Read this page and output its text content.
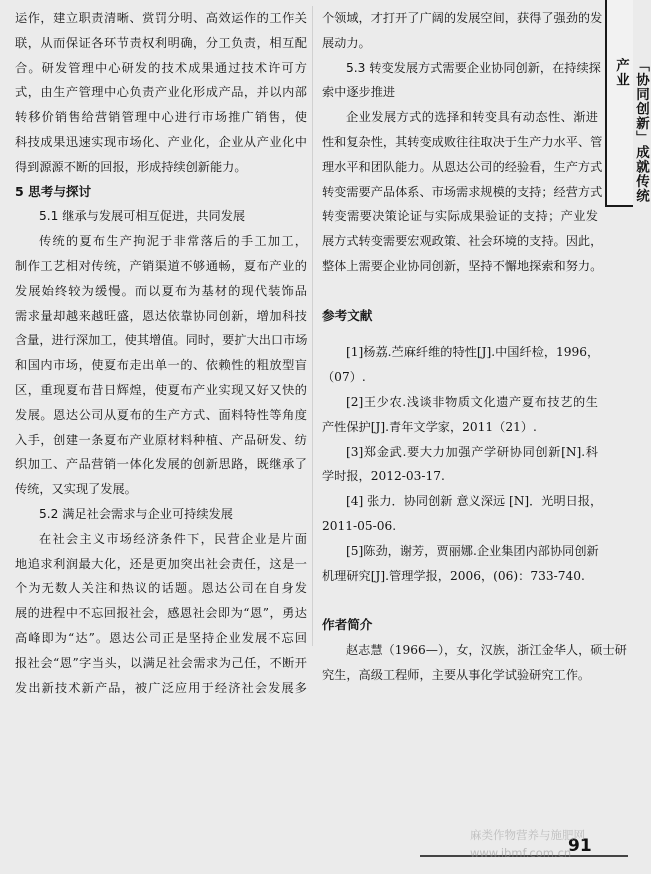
运作，建立职责清晰、赏罚分明、高效运作的工作关
联，从而保证各环节责权利明确，分工负责，相互配
合。研发管理中心研发的技术成果通过技术许可方
式，由生产管理中心负责产业化形成产品，并以内部
转移价销售给营销管理中心进行市场推广销售，使
科技成果迅速实现市场化、产业化，企业从产业化中
得到源源不断的回报，形成持续创新能力。
5 思考与探讨
5.1 继承与发展可相互促进，共同发展
传统的夏布生产拘泥于非常落后的手工加工，
制作工艺相对传统，产销渠道不够通畅，夏布产业的
发展始终较为缓慢。而以夏布为基材的现代装饰品
需求量却越来越旺盛，恩达依靠协同创新，增加科技
含量，进行深加工，使其增值。同时，要扩大出口市场
和国内市场，使夏布走出单一的、依赖性的粗放型盲
区，重现夏布昔日辉煌，使夏布产业实现又好又快的
发展。恩达公司从夏布的生产方式、面料特性等角度
入手，创建一条夏布产业原材料种植、产品研发、纺
织加工、产品营销一体化发展的创新思路，既继承了
传统，又实现了发展。
5.2 满足社会需求与企业可持续发展
在社会主义市场经济条件下，民营企业是片面
地追求利润最大化，还是更加突出社会责任，这是一
个为无数人关注和热议的话题。恩达公司在自身发
展的进程中不忘回报社会，感恩社会即为“恩”，勇达
高峰即为“达”。恩达公司正是坚持企业发展不忘回
报社会“恩”字当头，以满足社会需求为己任，不断开
发出新技术新产品，被广泛应用于经济社会发展多
个领域，才打开了广阔的发展空间，获得了强劲的发
展动力。
5.3 转变发展方式需要企业协同创新，在持续探
索中逐步推进
企业发展方式的选择和转变具有动态性、渐进
性和复杂性，其转变成败往往取决于生产力水平、管
理水平和团队能力。从恩达公司的经验看，生产方式
转变需要产品体系、市场需求规模的支持；经营方式
转变需要决策论证与实际成果验证的支持；产业发
展方式转变需要宏观政策、社会环境的支持。因此，
整体上需要企业协同创新，坚持不懈地探索和努力。
参考文献
[1]杨荔.苎麻纤维的特性[J].中国纤检，1996，
（07）.
[2]王少农.浅谈非物质文化遗产夏布技艺的生
产性保护[J].青年文学家，2011（21）.
[3]郑金武.要大力加强产学研协同创新[N].科
学时报，2012-03-17.
[4] 张力．协同创新 意义深远 [N]．光明日报，
2011-05-06.
[5]陈劲，谢芳，贾丽娜.企业集团内部协同创新
机理研究[J].管理学报，2006，(06)：733-740.
作者简介
赵志慧（1966—），女，汉族，浙江金华人，硕士研
究生，高级工程师，主要从事化学试验研究工作。
「协同创新」成就传统产业
91
麻类作物营养与施肥网
www.ibmf.com.cn
